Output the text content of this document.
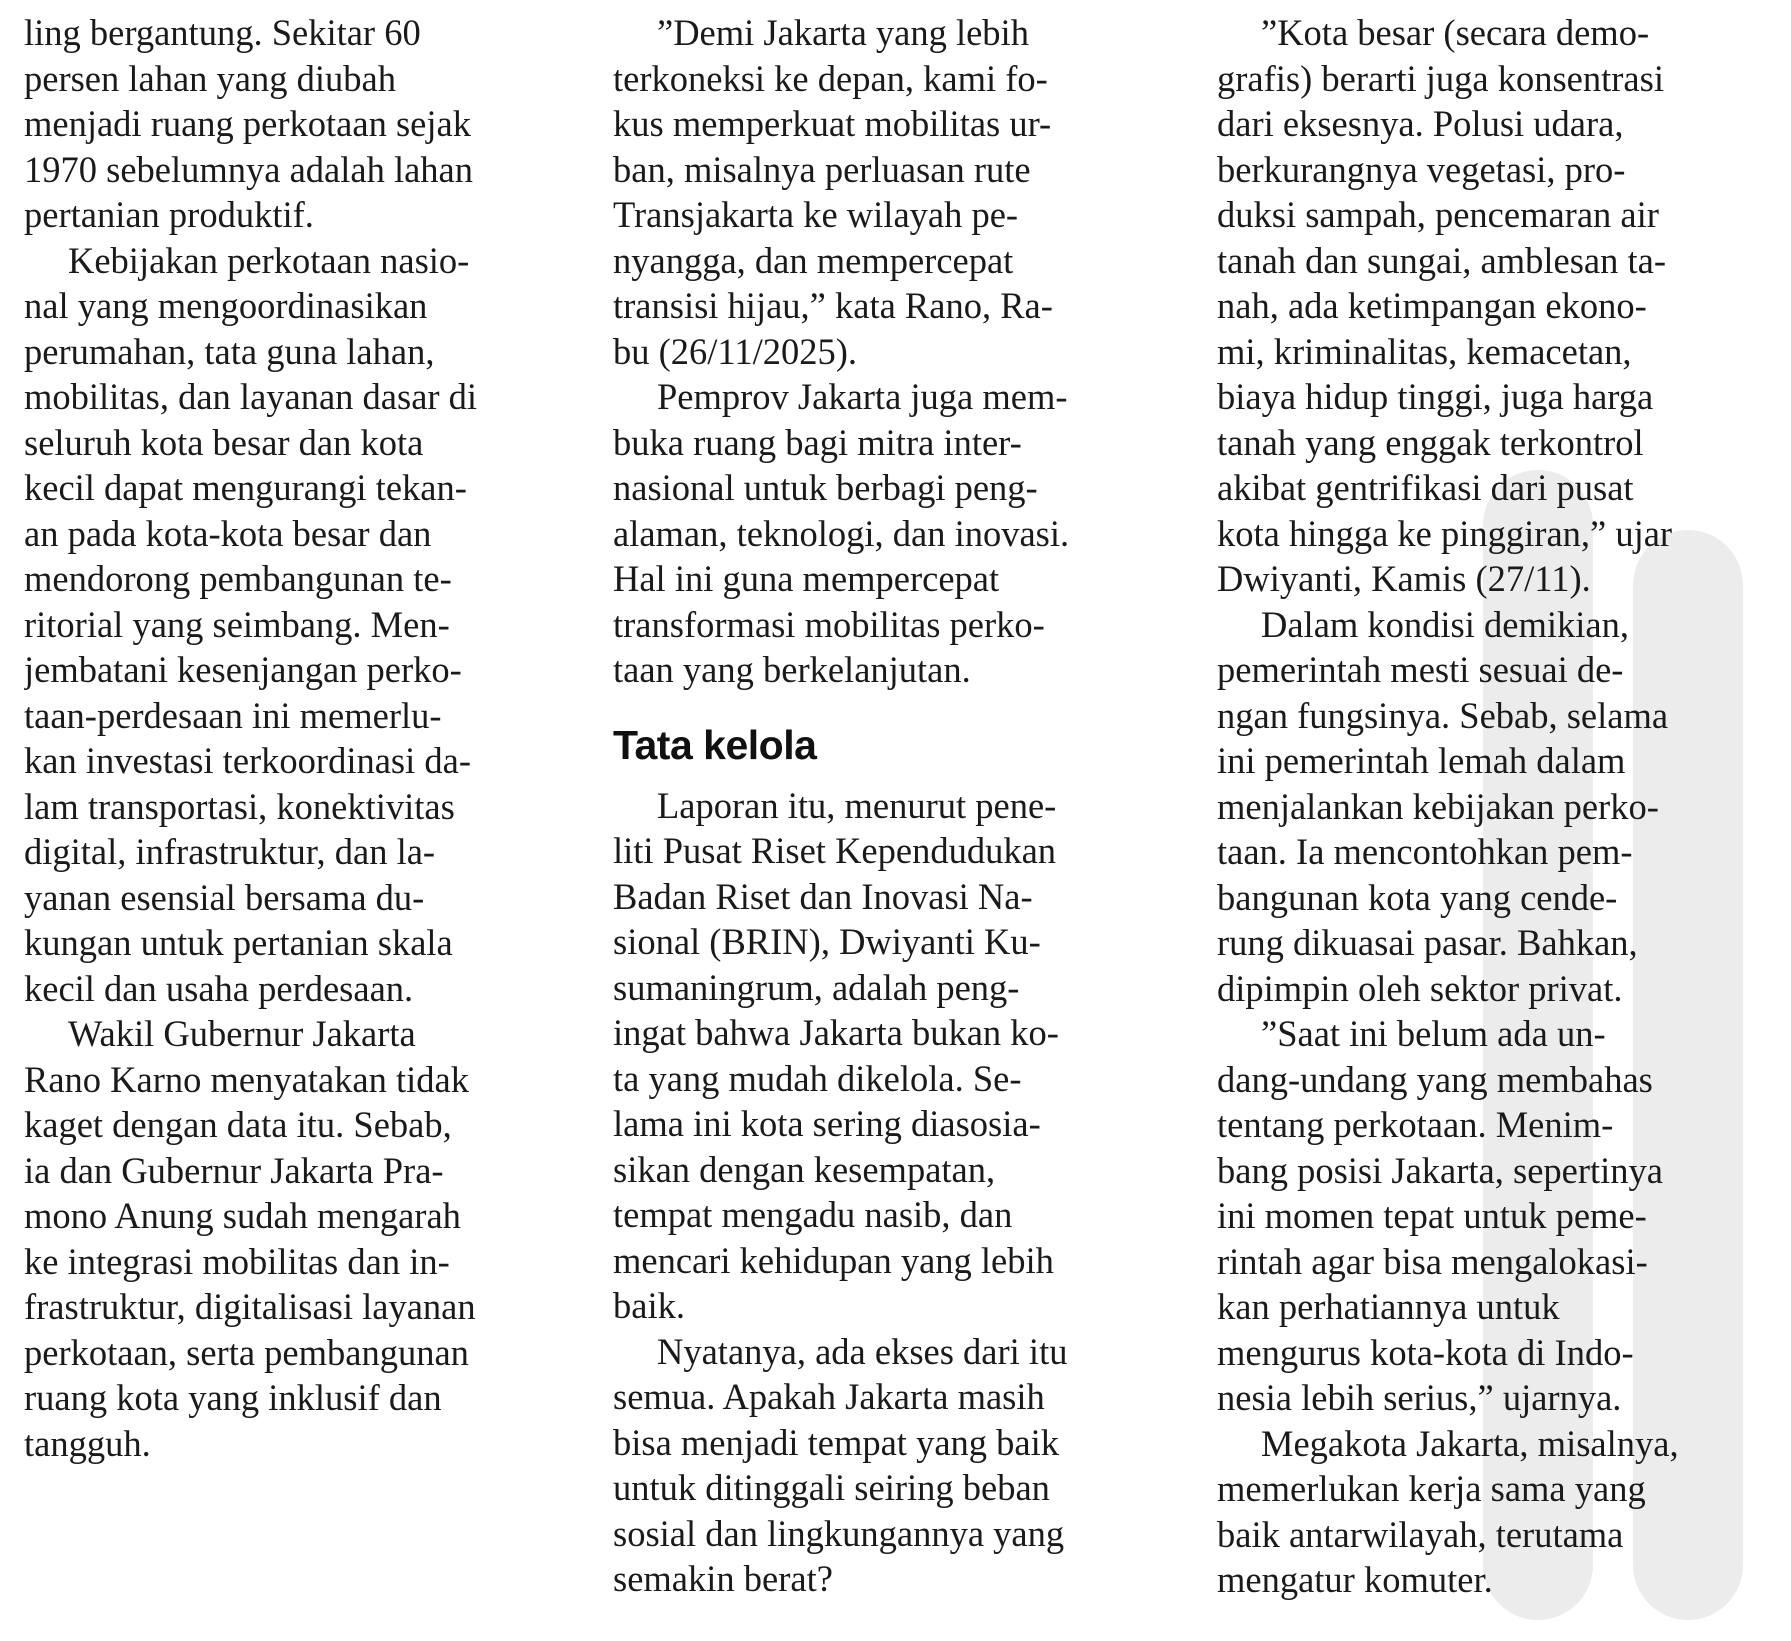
ling bergantung. Sekitar 60
persen lahan yang diubah
menjadi ruang perkotaan sejak
1970 sebelumnya adalah lahan
pertanian produktif.
Kebijakan perkotaan nasio-
nal yang mengoordinasikan
perumahan, tata guna lahan,
mobilitas, dan layanan dasar di
seluruh kota besar dan kota
kecil dapat mengurangi tekan-
an pada kota-kota besar dan
mendorong pembangunan te-
ritorial yang seimbang. Men-
jembatani kesenjangan perko-
taan-perdesaan ini memerlu-
kan investasi terkoordinasi da-
lam transportasi, konektivitas
digital, infrastruktur, dan la-
yanan esensial bersama du-
kungan untuk pertanian skala
kecil dan usaha perdesaan.
Wakil Gubernur Jakarta
Rano Karno menyatakan tidak
kaget dengan data itu. Sebab,
ia dan Gubernur Jakarta Pra-
mono Anung sudah mengarah
ke integrasi mobilitas dan in-
frastruktur, digitalisasi layanan
perkotaan, serta pembangunan
ruang kota yang inklusif dan
tangguh.
”Demi Jakarta yang lebih
terkoneksi ke depan, kami fo-
kus memperkuat mobilitas ur-
ban, misalnya perluasan rute
Transjakarta ke wilayah pe-
nyangga, dan mempercepat
transisi hijau,” kata Rano, Ra-
bu (26/11/2025).
Pemprov Jakarta juga mem-
buka ruang bagi mitra inter-
nasional untuk berbagi peng-
alaman, teknologi, dan inovasi.
Hal ini guna mempercepat
transformasi mobilitas perko-
taan yang berkelanjutan.
Tata kelola
Laporan itu, menurut pene-
liti Pusat Riset Kependudukan
Badan Riset dan Inovasi Na-
sional (BRIN), Dwiyanti Ku-
sumaningrum, adalah peng-
ingat bahwa Jakarta bukan ko-
ta yang mudah dikelola. Se-
lama ini kota sering diasosia-
sikan dengan kesempatan,
tempat mengadu nasib, dan
mencari kehidupan yang lebih
baik.
Nyatanya, ada ekses dari itu
semua. Apakah Jakarta masih
bisa menjadi tempat yang baik
untuk ditinggali seiring beban
sosial dan lingkungannya yang
semakin berat?
”Kota besar (secara demo-
grafis) berarti juga konsentrasi
dari eksesnya. Polusi udara,
berkurangnya vegetasi, pro-
duksi sampah, pencemaran air
tanah dan sungai, amblesan ta-
nah, ada ketimpangan ekono-
mi, kriminalitas, kemacetan,
biaya hidup tinggi, juga harga
tanah yang enggak terkontrol
akibat gentrifikasi dari pusat
kota hingga ke pinggiran,” ujar
Dwiyanti, Kamis (27/11).
Dalam kondisi demikian,
pemerintah mesti sesuai de-
ngan fungsinya. Sebab, selama
ini pemerintah lemah dalam
menjalankan kebijakan perko-
taan. Ia mencontohkan pem-
bangunan kota yang cende-
rung dikuasai pasar. Bahkan,
dipimpin oleh sektor privat.
”Saat ini belum ada un-
dang-undang yang membahas
tentang perkotaan. Menim-
bang posisi Jakarta, sepertinya
ini momen tepat untuk peme-
rintah agar bisa mengalokasi-
kan perhatiannya untuk
mengurus kota-kota di Indo-
nesia lebih serius,” ujarnya.
Megakota Jakarta, misalnya,
memerlukan kerja sama yang
baik antarwilayah, terutama
mengatur komuter.
